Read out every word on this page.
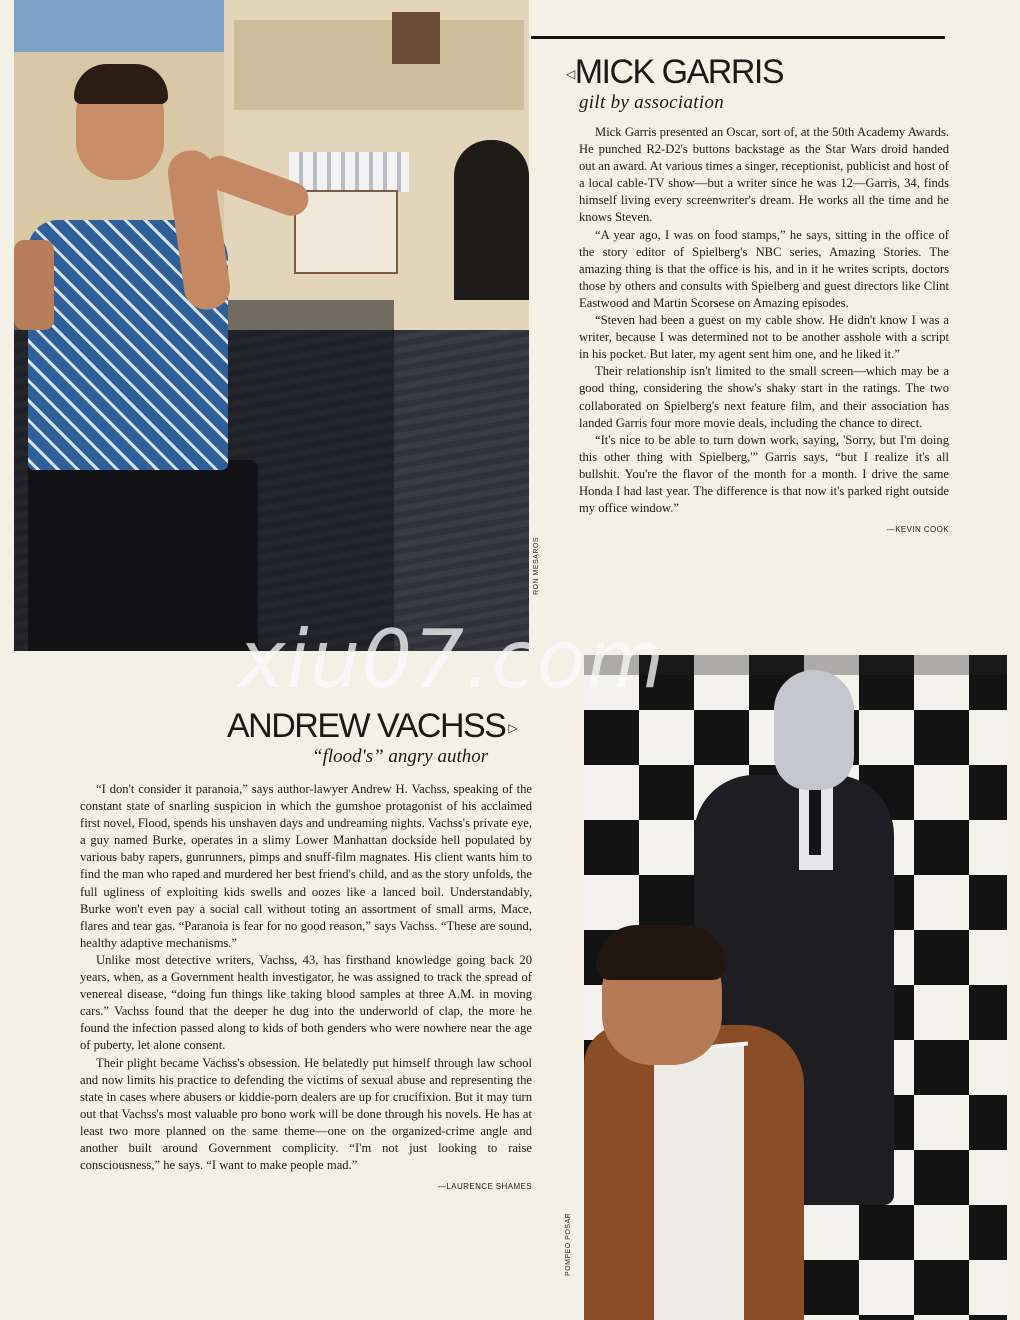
RON MESAROS
◁MICK GARRIS
gilt by association

Mick Garris presented an Oscar, sort of, at the 50th Academy Awards. He punched R2-D2's buttons backstage as the Star Wars droid handed out an award. At various times a singer, receptionist, publicist and host of a local cable-TV show—but a writer since he was 12—Garris, 34, finds himself living every screenwriter's dream. He works all the time and he knows Steven.

“A year ago, I was on food stamps,” he says, sitting in the office of the story editor of Spielberg's NBC series, Amazing Stories. The amazing thing is that the office is his, and in it he writes scripts, doctors those by others and consults with Spielberg and guest directors like Clint Eastwood and Martin Scorsese on Amazing episodes.

“Steven had been a guest on my cable show. He didn't know I was a writer, because I was determined not to be another asshole with a script in his pocket. But later, my agent sent him one, and he liked it.”

Their relationship isn't limited to the small screen—which may be a good thing, considering the show's shaky start in the ratings. The two collaborated on Spielberg's next feature film, and their association has landed Garris four more movie deals, including the chance to direct.

“It's nice to be able to turn down work, saying, 'Sorry, but I'm doing this other thing with Spielberg,'” Garris says, “but I realize it's all bullshit. You're the flavor of the month for a month. I drive the same Honda I had last year. The difference is that now it's parked right outside my office window.”

—KEVIN COOK
ANDREW VACHSS ▷
“flood's” angry author

“I don't consider it paranoia,” says author-lawyer Andrew H. Vachss, speaking of the constant state of snarling suspicion in which the gumshoe protagonist of his acclaimed first novel, Flood, spends his unshaven days and undreaming nights. Vachss's private eye, a guy named Burke, operates in a slimy Lower Manhattan dockside hell populated by various baby rapers, gunrunners, pimps and snuff-film magnates. His client wants him to find the man who raped and murdered her best friend's child, and as the story unfolds, the full ugliness of exploiting kids swells and oozes like a lanced boil. Understandably, Burke won't even pay a social call without toting an assortment of small arms, Mace, flares and tear gas. “Paranoia is fear for no good reason,” says Vachss. “These are sound, healthy adaptive mechanisms.”

Unlike most detective writers, Vachss, 43, has firsthand knowledge going back 20 years, when, as a Government health investigator, he was assigned to track the spread of venereal disease, “doing fun things like taking blood samples at three A.M. in moving cars.” Vachss found that the deeper he dug into the underworld of clap, the more he found the infection passed along to kids of both genders who were nowhere near the age of puberty, let alone consent.

Their plight became Vachss's obsession. He belatedly put himself through law school and now limits his practice to defending the victims of sexual abuse and representing the state in cases where abusers or kiddie-porn dealers are up for crucifixion. But it may turn out that Vachss's most valuable pro bono work will be done through his novels. He has at least two more planned on the same theme—one on the organized-crime angle and another built around Government complicity. “I'm not just looking to raise consciousness,” he says. “I want to make people mad.”

—LAURENCE SHAMES
POMPEO POSAR
xiu07.com
